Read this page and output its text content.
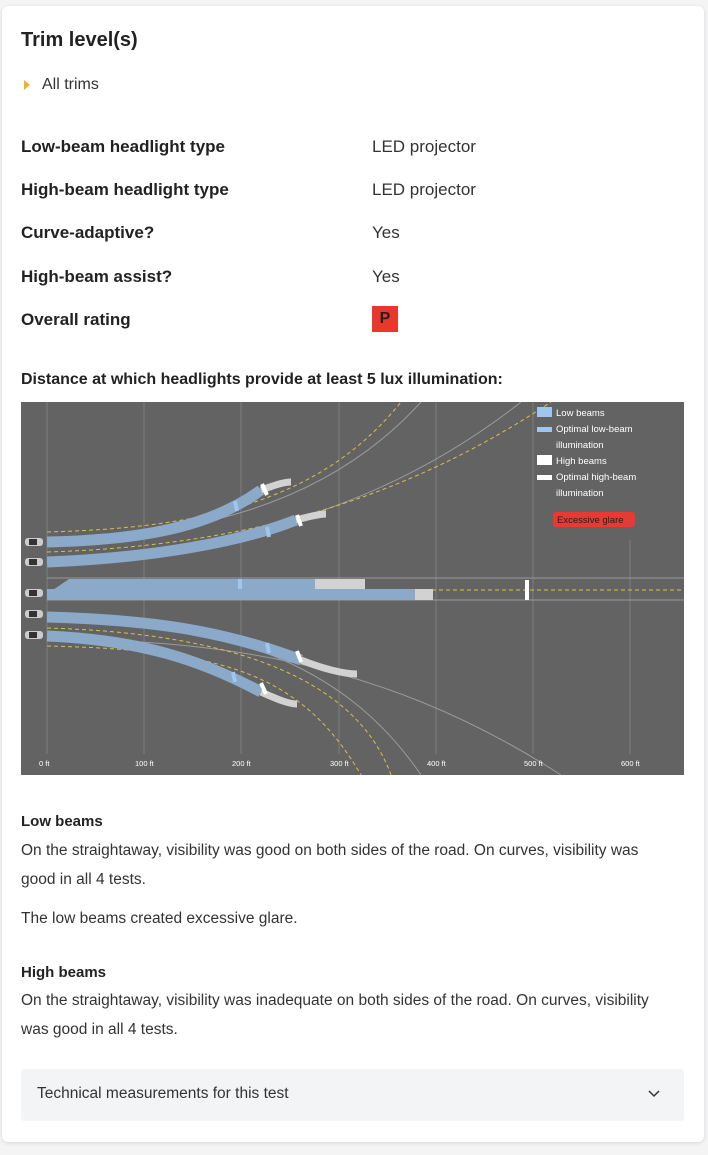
Trim level(s)
All trims
Low-beam headlight type	LED projector
High-beam headlight type	LED projector
Curve-adaptive?	Yes
High-beam assist?	Yes
Overall rating	P
Distance at which headlights provide at least 5 lux illumination:
Low beams
Optimal low-beam
illumination
High beams
Optimal high-beam
illumination
Excessive glare
0 ft	100 ft	200 ft	300 ft	400 ft	500 ft	600 ft
Low beams
On the straightaway, visibility was good on both sides of the road. On curves, visibility was good in all 4 tests.
The low beams created excessive glare.
High beams
On the straightaway, visibility was inadequate on both sides of the road. On curves, visibility was good in all 4 tests.
Technical measurements for this test
